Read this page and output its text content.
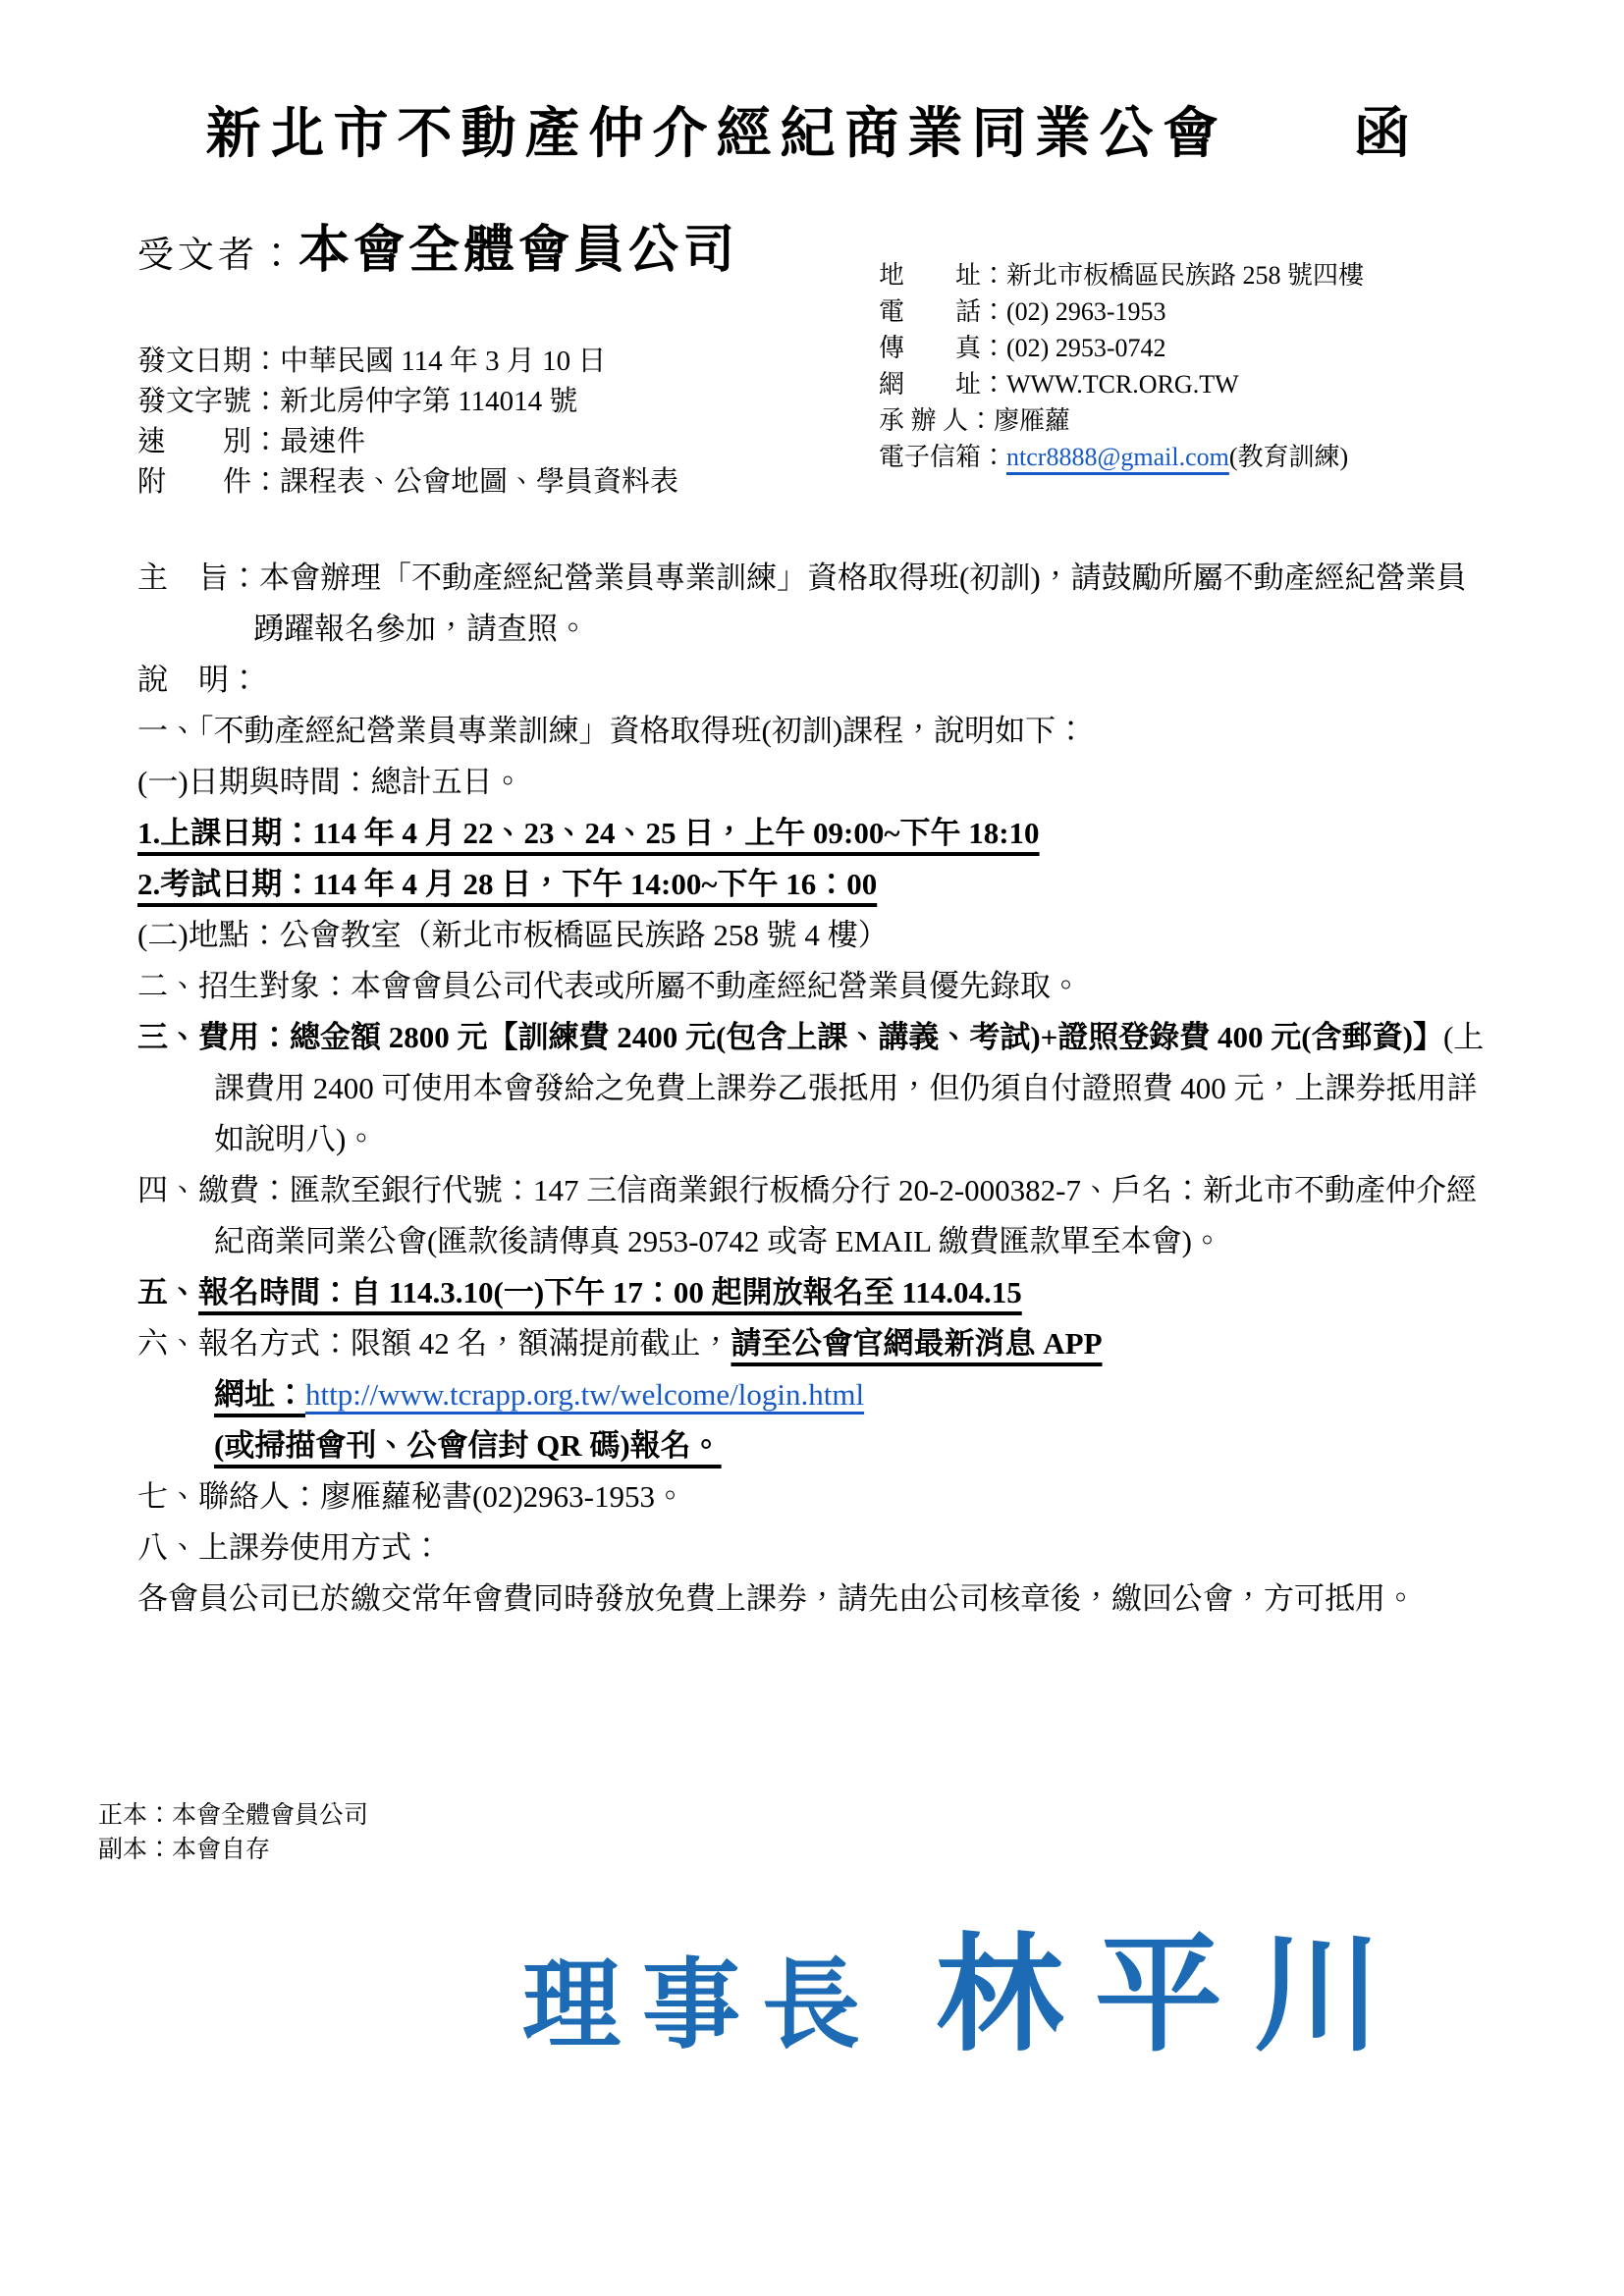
新北市不動產仲介經紀商業同業公會　　函
受文者：本會全體會員公司

發文日期：中華民國 114 年 3 月 10 日

發文字號：新北房仲字第 114014 號

速　　別：最速件

附　　件：課程表、公會地圖、學員資料表

地　　址：新北市板橋區民族路 258 號四樓

電　　話：(02) 2963-1953

傳　　真：(02) 2953-0742

網　　址：WWW.TCR.ORG.TW

承 辦 人：廖雁蘿

電子信箱：ntcr8888@gmail.com(教育訓練)

主　旨：本會辦理「不動產經紀營業員專業訓練」資格取得班(初訓)，請鼓勵所屬不動產經紀營業員踴躍報名參加，請查照。

說　明：

一、「不動產經紀營業員專業訓練」資格取得班(初訓)課程，說明如下：

(一)日期與時間：總計五日。

1.上課日期：114 年 4 月 22、23、24、25 日，上午 09:00~下午 18:10

2.考試日期：114 年 4 月 28 日，下午 14:00~下午 16：00

(二)地點：公會教室（新北市板橋區民族路 258 號 4 樓）

二、招生對象：本會會員公司代表或所屬不動產經紀營業員優先錄取。

三、費用：總金額 2800 元【訓練費 2400 元(包含上課、講義、考試)+證照登錄費 400 元(含郵資)】(上課費用 2400 可使用本會發給之免費上課券乙張抵用，但仍須自付證照費 400 元，上課券抵用詳如說明八)。

四、繳費：匯款至銀行代號：147 三信商業銀行板橋分行 20-2-000382-7、戶名：新北市不動產仲介經紀商業同業公會(匯款後請傳真 2953-0742 或寄 EMAIL 繳費匯款單至本會)。

五、報名時間：自 114.3.10(一)下午 17：00 起開放報名至 114.04.15

六、報名方式：限額 42 名，額滿提前截止，請至公會官網最新消息 APP
網址：http://www.tcrapp.org.tw/welcome/login.html
(或掃描會刊、公會信封 QR 碼)報名。

七、聯絡人：廖雁蘿秘書(02)2963-1953。

八、上課券使用方式：

各會員公司已於繳交常年會費同時發放免費上課券，請先由公司核章後，繳回公會，方可抵用。

正本：本會全體會員公司

副本：本會自存

理事長 林平川
